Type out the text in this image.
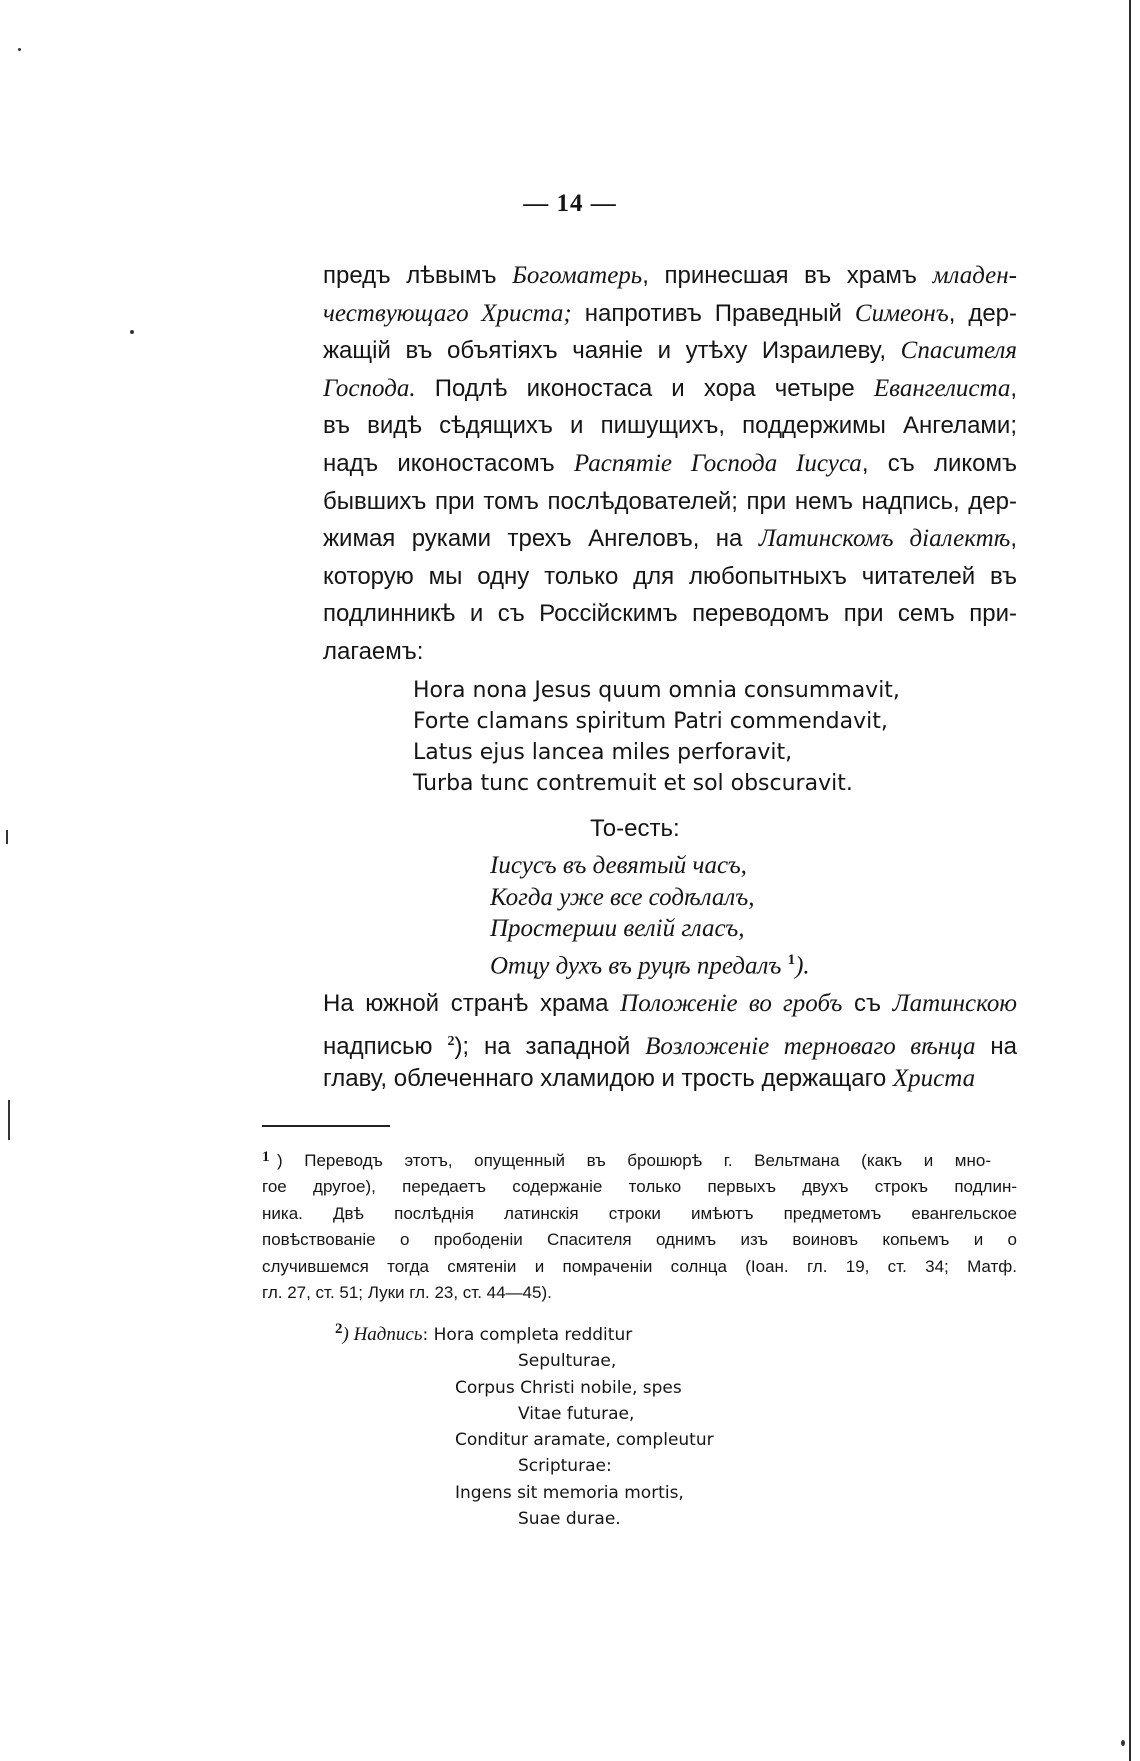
— 14 —
предъ лѣвымъ Богоматерь, принесшая въ храмъ младен-
чествующаго Христа; напротивъ Праведный Симеонъ, дер-
жащій въ объятіяхъ чаяніе и утѣху Израилеву, Спасителя
Господа. Подлѣ иконостаса и хора четыре Евангелиста,
въ видѣ сѣдящихъ и пишущихъ, поддержимы Ангелами;
надъ иконостасомъ Распятіе Господа Іисуса, съ ликомъ
бывшихъ при томъ послѣдователей; при немъ надпись, дер-
жимая руками трехъ Ангеловъ, на Латинскомъ діалектѣ,
которую мы одну только для любопытныхъ читателей въ
подлинникѣ и съ Россійскимъ переводомъ при семъ при-
лагаемъ:
Hora nona Jesus quum omnia consummavit,
Forte clamans spiritum Patri commendavit,
Latus ejus lancea miles perforavit,
Turba tunc contremuit et sol obscuravit.
То-есть:
Іисусъ въ девятый часъ,
Когда уже все содѣлалъ,
Простерши велій гласъ,
Отцу духъ въ руцѣ предалъ $^1$).
На южной странѣ храма Положеніе во гробъ съ Латинскою
надписью $^2$); на западной Возложеніе терноваго вѣнца на
главу, облеченнаго хламидою и трость держащаго Христа
1 ) Переводъ этотъ, опущенный въ брошюрѣ г. Вельтмана (какъ и мно-
гое другое), передаетъ содержаніе только первыхъ двухъ строкъ подлин-
ника. Двѣ послѣднія латинскія строки имѣютъ предметомъ евангельское
повѣствованіе о прободеніи Спасителя однимъ изъ воиновъ копьемъ и о
случившемся тогда смятеніи и помраченіи солнца (Іоан. гл. 19, ст. 34; Матф.
гл. 27, ст. 51; Луки гл. 23, ст. 44—45).
$^2$) Надпись: Hora completa redditur
Sepulturae,
Corpus Christi nobile, spes
Vitae futurae,
Conditur aramate, compleutur
Scripturae:
Ingens sit memoria mortis,
Suae durae.
